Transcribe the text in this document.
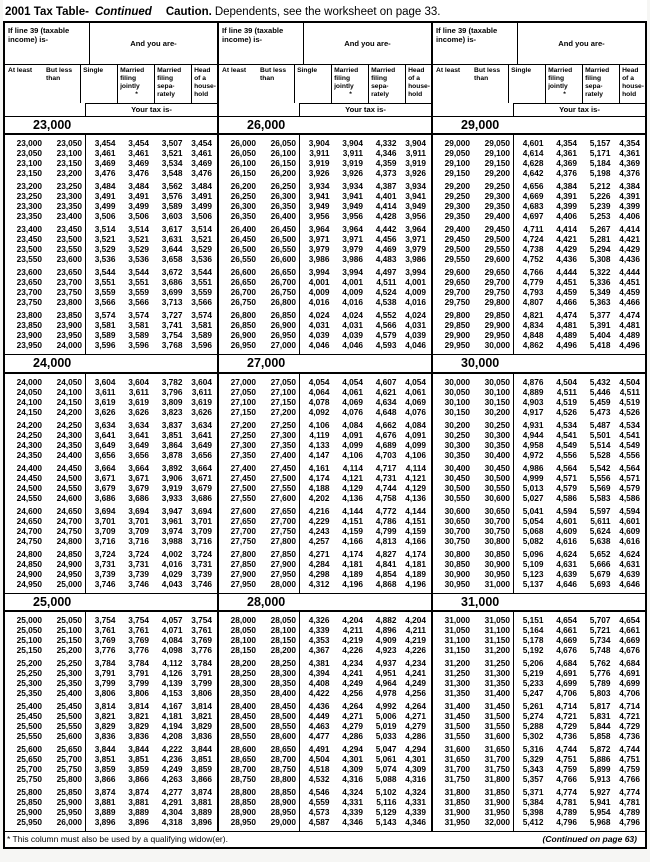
2001 Tax Table- Continued Caution. Dependents, see the worksheet on page 33.
If line 39 (taxable income) is-	And you are-
At least	But less than
Single	Married filing jointly
*
Married filing sepa- rately
Head of a house- hold
Your tax is-
23,000
23,000	23,050	3,454	3,454	3,507	3,454
23,050	23,100	3,461	3,461	3,521	3,461
23,100	23,150	3,469	3,469	3,534	3,469
23,150	23,200	3,476	3,476	3,548	3,476
23,200	23,250	3,484	3,484	3,562	3,484
23,250	23,300	3,491	3,491	3,576	3,491
23,300	23,350	3,499	3,499	3,589	3,499
23,350	23,400	3,506	3,506	3,603	3,506
23,400	23,450	3,514	3,514	3,617	3,514
23,450	23,500	3,521	3,521	3,631	3,521
23,500	23,550	3,529	3,529	3,644	3,529
23,550	23,600	3,536	3,536	3,658	3,536
23,600	23,650	3,544	3,544	3,672	3,544
23,650	23,700	3,551	3,551	3,686	3,551
23,700	23,750	3,559	3,559	3,699	3,559
23,750	23,800	3,566	3,566	3,713	3,566
23,800	23,850	3,574	3,574	3,727	3,574
23,850	23,900	3,581	3,581	3,741	3,581
23,900	23,950	3,589	3,589	3,754	3,589
23,950	24,000	3,596	3,596	3,768	3,596
24,000
24,000	24,050	3,604	3,604	3,782	3,604
24,050	24,100	3,611	3,611	3,796	3,611
24,100	24,150	3,619	3,619	3,809	3,619
24,150	24,200	3,626	3,626	3,823	3,626
24,200	24,250	3,634	3,634	3,837	3,634
24,250	24,300	3,641	3,641	3,851	3,641
24,300	24,350	3,649	3,649	3,864	3,649
24,350	24,400	3,656	3,656	3,878	3,656
24,400	24,450	3,664	3,664	3,892	3,664
24,450	24,500	3,671	3,671	3,906	3,671
24,500	24,550	3,679	3,679	3,919	3,679
24,550	24,600	3,686	3,686	3,933	3,686
24,600	24,650	3,694	3,694	3,947	3,694
24,650	24,700	3,701	3,701	3,961	3,701
24,700	24,750	3,709	3,709	3,974	3,709
24,750	24,800	3,716	3,716	3,988	3,716
24,800	24,850	3,724	3,724	4,002	3,724
24,850	24,900	3,731	3,731	4,016	3,731
24,900	24,950	3,739	3,739	4,029	3,739
24,950	25,000	3,746	3,746	4,043	3,746
25,000
25,000	25,050	3,754	3,754	4,057	3,754
25,050	25,100	3,761	3,761	4,071	3,761
25,100	25,150	3,769	3,769	4,084	3,769
25,150	25,200	3,776	3,776	4,098	3,776
25,200	25,250	3,784	3,784	4,112	3,784
25,250	25,300	3,791	3,791	4,126	3,791
25,300	25,350	3,799	3,799	4,139	3,799
25,350	25,400	3,806	3,806	4,153	3,806
25,400	25,450	3,814	3,814	4,167	3,814
25,450	25,500	3,821	3,821	4,181	3,821
25,500	25,550	3,829	3,829	4,194	3,829
25,550	25,600	3,836	3,836	4,208	3,836
25,600	25,650	3,844	3,844	4,222	3,844
25,650	25,700	3,851	3,851	4,236	3,851
25,700	25,750	3,859	3,859	4,249	3,859
25,750	25,800	3,866	3,866	4,263	3,866
25,800	25,850	3,874	3,874	4,277	3,874
25,850	25,900	3,881	3,881	4,291	3,881
25,900	25,950	3,889	3,889	4,304	3,889
25,950	26,000	3,896	3,896	4,318	3,896
If line 39 (taxable income) is-	And you are-
At least	But less than
Single	Married filing jointly
*
Married filing sepa- rately
Head of a house- hold
Your tax is-
26,000
26,000	26,050	3,904	3,904	4,332	3,904
26,050	26,100	3,911	3,911	4,346	3,911
26,100	26,150	3,919	3,919	4,359	3,919
26,150	26,200	3,926	3,926	4,373	3,926
26,200	26,250	3,934	3,934	4,387	3,934
26,250	26,300	3,941	3,941	4,401	3,941
26,300	26,350	3,949	3,949	4,414	3,949
26,350	26,400	3,956	3,956	4,428	3,956
26,400	26,450	3,964	3,964	4,442	3,964
26,450	26,500	3,971	3,971	4,456	3,971
26,500	26,550	3,979	3,979	4,469	3,979
26,550	26,600	3,986	3,986	4,483	3,986
26,600	26,650	3,994	3,994	4,497	3,994
26,650	26,700	4,001	4,001	4,511	4,001
26,700	26,750	4,009	4,009	4,524	4,009
26,750	26,800	4,016	4,016	4,538	4,016
26,800	26,850	4,024	4,024	4,552	4,024
26,850	26,900	4,031	4,031	4,566	4,031
26,900	26,950	4,039	4,039	4,579	4,039
26,950	27,000	4,046	4,046	4,593	4,046
27,000
27,000	27,050	4,054	4,054	4,607	4,054
27,050	27,100	4,064	4,061	4,621	4,061
27,100	27,150	4,078	4,069	4,634	4,069
27,150	27,200	4,092	4,076	4,648	4,076
27,200	27,250	4,106	4,084	4,662	4,084
27,250	27,300	4,119	4,091	4,676	4,091
27,300	27,350	4,133	4,099	4,689	4,099
27,350	27,400	4,147	4,106	4,703	4,106
27,400	27,450	4,161	4,114	4,717	4,114
27,450	27,500	4,174	4,121	4,731	4,121
27,500	27,550	4,188	4,129	4,744	4,129
27,550	27,600	4,202	4,136	4,758	4,136
27,600	27,650	4,216	4,144	4,772	4,144
27,650	27,700	4,229	4,151	4,786	4,151
27,700	27,750	4,243	4,159	4,799	4,159
27,750	27,800	4,257	4,166	4,813	4,166
27,800	27,850	4,271	4,174	4,827	4,174
27,850	27,900	4,284	4,181	4,841	4,181
27,900	27,950	4,298	4,189	4,854	4,189
27,950	28,000	4,312	4,196	4,868	4,196
28,000
28,000	28,050	4,326	4,204	4,882	4,204
28,050	28,100	4,339	4,211	4,896	4,211
28,100	28,150	4,353	4,219	4,909	4,219
28,150	28,200	4,367	4,226	4,923	4,226
28,200	28,250	4,381	4,234	4,937	4,234
28,250	28,300	4,394	4,241	4,951	4,241
28,300	28,350	4,408	4,249	4,964	4,249
28,350	28,400	4,422	4,256	4,978	4,256
28,400	28,450	4,436	4,264	4,992	4,264
28,450	28,500	4,449	4,271	5,006	4,271
28,500	28,550	4,463	4,279	5,019	4,279
28,550	28,600	4,477	4,286	5,033	4,286
28,600	28,650	4,491	4,294	5,047	4,294
28,650	28,700	4,504	4,301	5,061	4,301
28,700	28,750	4,518	4,309	5,074	4,309
28,750	28,800	4,532	4,316	5,088	4,316
28,800	28,850	4,546	4,324	5,102	4,324
28,850	28,900	4,559	4,331	5,116	4,331
28,900	28,950	4,573	4,339	5,129	4,339
28,950	29,000	4,587	4,346	5,143	4,346
If line 39 (taxable income) is-	And you are-
At least	But less than
Single	Married filing jointly
*
Married filing sepa- rately
Head of a house- hold
Your tax is-
29,000
29,000	29,050	4,601	4,354	5,157	4,354
29,050	29,100	4,614	4,361	5,171	4,361
29,100	29,150	4,628	4,369	5,184	4,369
29,150	29,200	4,642	4,376	5,198	4,376
29,200	29,250	4,656	4,384	5,212	4,384
29,250	29,300	4,669	4,391	5,226	4,391
29,300	29,350	4,683	4,399	5,239	4,399
29,350	29,400	4,697	4,406	5,253	4,406
29,400	29,450	4,711	4,414	5,267	4,414
29,450	29,500	4,724	4,421	5,281	4,421
29,500	29,550	4,738	4,429	5,294	4,429
29,550	29,600	4,752	4,436	5,308	4,436
29,600	29,650	4,766	4,444	5,322	4,444
29,650	29,700	4,779	4,451	5,336	4,451
29,700	29,750	4,793	4,459	5,349	4,459
29,750	29,800	4,807	4,466	5,363	4,466
29,800	29,850	4,821	4,474	5,377	4,474
29,850	29,900	4,834	4,481	5,391	4,481
29,900	29,950	4,848	4,489	5,404	4,489
29,950	30,000	4,862	4,496	5,418	4,496
30,000
30,000	30,050	4,876	4,504	5,432	4,504
30,050	30,100	4,889	4,511	5,446	4,511
30,100	30,150	4,903	4,519	5,459	4,519
30,150	30,200	4,917	4,526	5,473	4,526
30,200	30,250	4,931	4,534	5,487	4,534
30,250	30,300	4,944	4,541	5,501	4,541
30,300	30,350	4,958	4,549	5,514	4,549
30,350	30,400	4,972	4,556	5,528	4,556
30,400	30,450	4,986	4,564	5,542	4,564
30,450	30,500	4,999	4,571	5,556	4,571
30,500	30,550	5,013	4,579	5,569	4,579
30,550	30,600	5,027	4,586	5,583	4,586
30,600	30,650	5,041	4,594	5,597	4,594
30,650	30,700	5,054	4,601	5,611	4,601
30,700	30,750	5,068	4,609	5,624	4,609
30,750	30,800	5,082	4,616	5,638	4,616
30,800	30,850	5,096	4,624	5,652	4,624
30,850	30,900	5,109	4,631	5,666	4,631
30,900	30,950	5,123	4,639	5,679	4,639
30,950	31,000	5,137	4,646	5,693	4,646
31,000
31,000	31,050	5,151	4,654	5,707	4,654
31,050	31,100	5,164	4,661	5,721	4,661
31,100	31,150	5,178	4,669	5,734	4,669
31,150	31,200	5,192	4,676	5,748	4,676
31,200	31,250	5,206	4,684	5,762	4,684
31,250	31,300	5,219	4,691	5,776	4,691
31,300	31,350	5,233	4,699	5,789	4,699
31,350	31,400	5,247	4,706	5,803	4,706
31,400	31,450	5,261	4,714	5,817	4,714
31,450	31,500	5,274	4,721	5,831	4,721
31,500	31,550	5,288	4,729	5,844	4,729
31,550	31,600	5,302	4,736	5,858	4,736
31,600	31,650	5,316	4,744	5,872	4,744
31,650	31,700	5,329	4,751	5,886	4,751
31,700	31,750	5,343	4,759	5,899	4,759
31,750	31,800	5,357	4,766	5,913	4,766
31,800	31,850	5,371	4,774	5,927	4,774
31,850	31,900	5,384	4,781	5,941	4,781
31,900	31,950	5,398	4,789	5,954	4,789
31,950	32,000	5,412	4,796	5,968	4,796
* This column must also be used by a qualifying widow(er).	(Continued on page 63)
